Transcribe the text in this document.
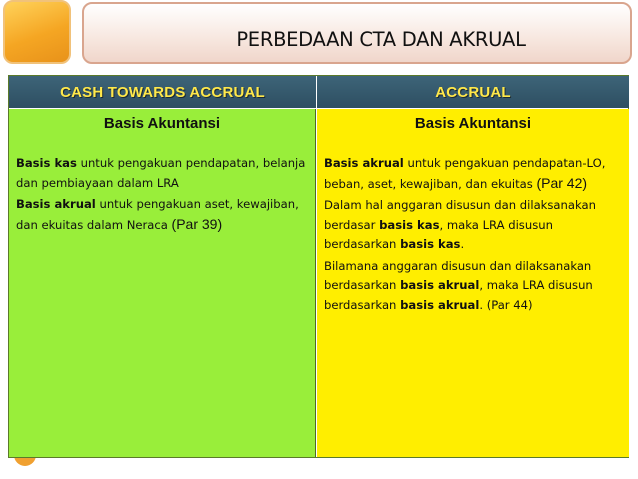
PERBEDAAN CTA DAN AKRUAL
CASH TOWARDS ACCRUAL	ACCRUAL
Basis Akuntansi

Basis kas untuk pengakuan pendapatan, belanja dan pembiayaan dalam LRA

Basis akrual untuk pengakuan aset, kewajiban, dan ekuitas dalam Neraca (Par 39)

Basis Akuntansi

Basis akrual untuk pengakuan pendapatan-LO, beban, aset, kewajiban, dan ekuitas (Par 42)

Dalam hal anggaran disusun dan dilaksanakan berdasar basis kas, maka LRA disusun berdasarkan basis kas.

Bilamana anggaran disusun dan dilaksanakan berdasarkan basis akrual, maka LRA disusun berdasarkan basis akrual. (Par 44)
